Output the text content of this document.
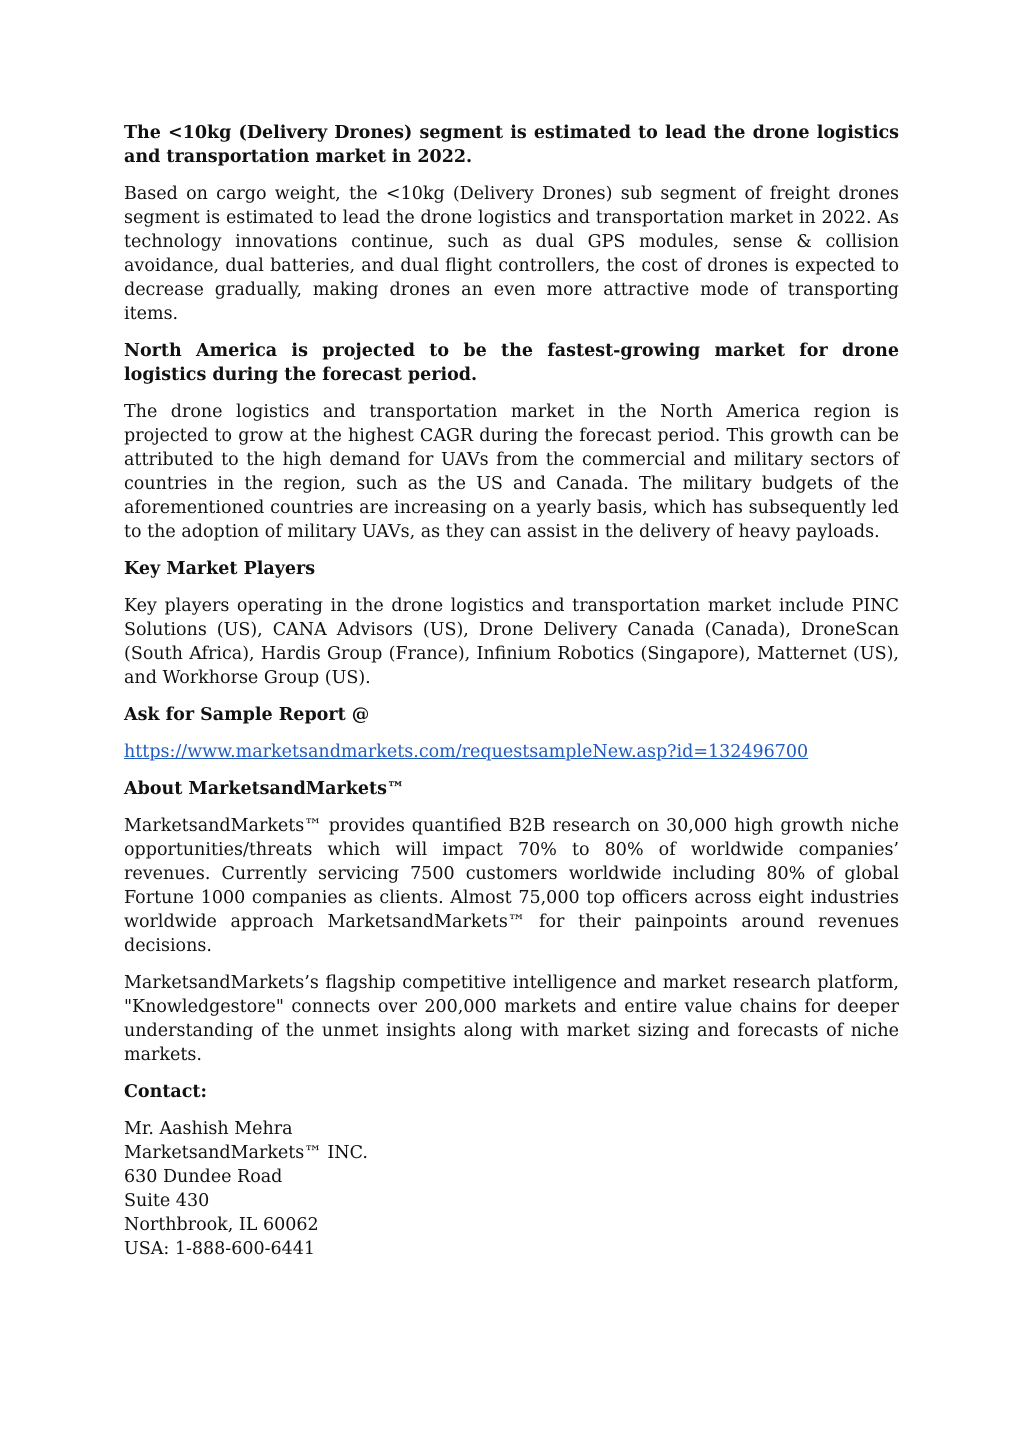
The <10kg (Delivery Drones) segment is estimated to lead the drone logistics and transportation market in 2022.

Based on cargo weight, the <10kg (Delivery Drones) sub segment of freight drones segment is estimated to lead the drone logistics and transportation market in 2022. As technology innovations continue, such as dual GPS modules, sense & collision avoidance, dual batteries, and dual flight controllers, the cost of drones is expected to decrease gradually, making drones an even more attractive mode of transporting items.

North America is projected to be the fastest-growing market for drone logistics during the forecast period.

The drone logistics and transportation market in the North America region is projected to grow at the highest CAGR during the forecast period. This growth can be attributed to the high demand for UAVs from the commercial and military sectors of countries in the region, such as the US and Canada. The military budgets of the aforementioned countries are increasing on a yearly basis, which has subsequently led to the adoption of military UAVs, as they can assist in the delivery of heavy payloads.

Key Market Players

Key players operating in the drone logistics and transportation market include PINC Solutions (US), CANA Advisors (US), Drone Delivery Canada (Canada), DroneScan (South Africa), Hardis Group (France), Infinium Robotics (Singapore), Matternet (US), and Workhorse Group (US).

Ask for Sample Report @

https://www.marketsandmarkets.com/requestsampleNew.asp?id=132496700

About MarketsandMarkets™

MarketsandMarkets™ provides quantified B2B research on 30,000 high growth niche opportunities/threats which will impact 70% to 80% of worldwide companies’ revenues. Currently servicing 7500 customers worldwide including 80% of global Fortune 1000 companies as clients. Almost 75,000 top officers across eight industries worldwide approach MarketsandMarkets™ for their painpoints around revenues decisions.

MarketsandMarkets’s flagship competitive intelligence and market research platform, "Knowledgestore" connects over 200,000 markets and entire value chains for deeper understanding of the unmet insights along with market sizing and forecasts of niche markets.

Contact:

Mr. Aashish Mehra
MarketsandMarkets™ INC.
630 Dundee Road
Suite 430
Northbrook, IL 60062
USA: 1-888-600-6441
